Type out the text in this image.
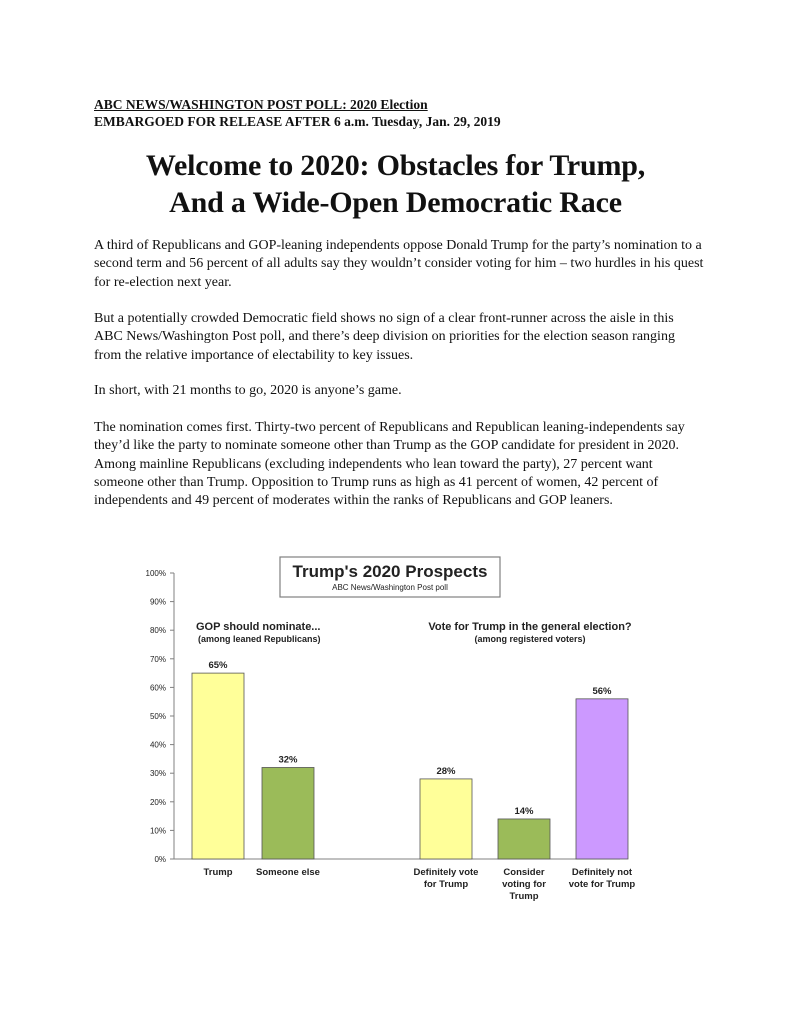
ABC NEWS/WASHINGTON POST POLL: 2020 Election
EMBARGOED FOR RELEASE AFTER 6 a.m. Tuesday, Jan. 29, 2019
Welcome to 2020: Obstacles for Trump,
And a Wide-Open Democratic Race
A third of Republicans and GOP-leaning independents oppose Donald Trump for the party’s nomination to a second term and 56 percent of all adults say they wouldn’t consider voting for him – two hurdles in his quest for re-election next year.
But a potentially crowded Democratic field shows no sign of a clear front-runner across the aisle in this ABC News/Washington Post poll, and there’s deep division on priorities for the election season ranging from the relative importance of electability to key issues.
In short, with 21 months to go, 2020 is anyone’s game.
The nomination comes first. Thirty-two percent of Republicans and Republican leaning-independents say they’d like the party to nominate someone other than Trump as the GOP candidate for president in 2020. Among mainline Republicans (excluding independents who lean toward the party), 27 percent want someone other than Trump. Opposition to Trump runs as high as 41 percent of women, 42 percent of independents and 49 percent of moderates within the ranks of Republicans and GOP leaners.
Trump's 2020 Prospects
ABC News/Washington Post poll
0%
10%
20%
30%
40%
50%
60%
70%
80%
90%
100%
GOP should nominate...
(among leaned Republicans)
Vote for Trump in the general election?
(among registered voters)
65%
32%
28%
14%
56%
Trump Someone else	Definitely vote
for Trump
Consider
voting for
Trump
Definitely not
vote for Trump
